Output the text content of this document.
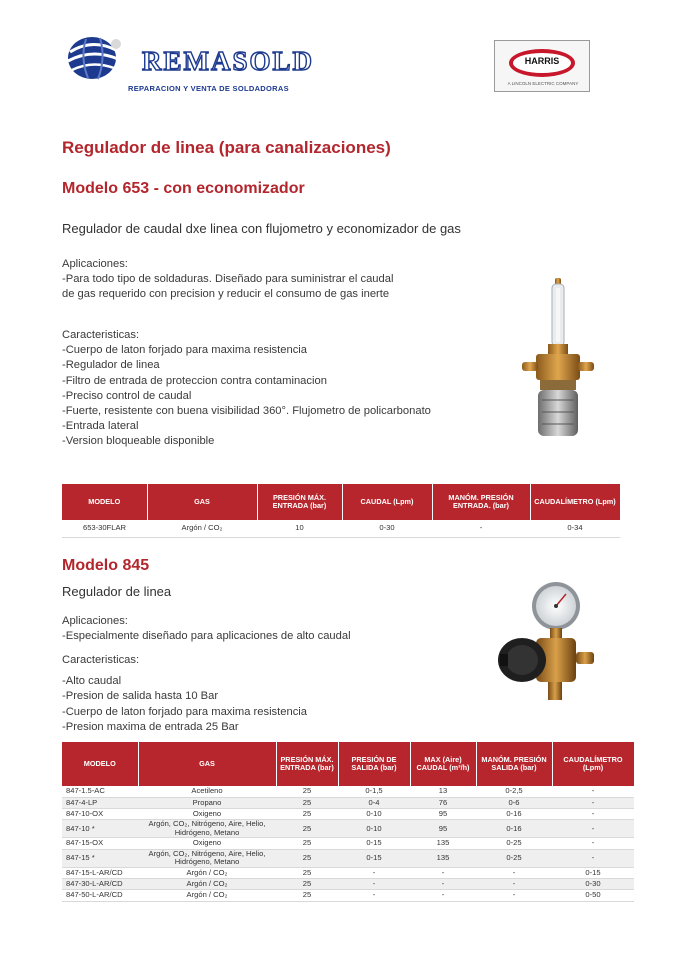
REMASOLD
REPARACION Y VENTA DE SOLDADORAS
HARRIS
A LINCOLN ELECTRIC COMPANY
Regulador de linea (para canalizaciones)
Modelo 653 - con economizador
Regulador de caudal dxe linea con flujometro y economizador de gas
Aplicaciones:
-Para todo tipo de soldaduras. Diseñado para suministrar el caudal
de gas requerido con precision y reducir el consumo de gas inerte
Caracteristicas:
-Cuerpo de laton forjado para maxima resistencia
-Regulador de linea
-Filtro de entrada de proteccion contra contaminacion
-Preciso control de caudal
-Fuerte, resistente con buena visibilidad 360°. Flujometro de policarbonato
-Entrada lateral
-Version bloqueable disponible
MODELO	GAS	PRESIÓN MÁX. ENTRADA (bar)	CAUDAL (Lpm)	MANÓM. PRESIÓN ENTRADA. (bar)	CAUDALÍMETRO (Lpm)
653-30FLAR	Argón / CO₂	10	0-30	-	0-34
Modelo 845
Regulador de linea
Aplicaciones:
-Especialmente diseñado para aplicaciones de alto caudal
Caracteristicas:
-Alto caudal
-Presion de salida hasta 10 Bar
-Cuerpo de laton forjado para maxima resistencia
-Presion maxima de entrada 25 Bar
MODELO	GAS	PRESIÓN MÁX. ENTRADA (bar)	PRESIÓN DE SALIDA (bar)	MAX (Aire) CAUDAL (m³/h)	MANÓM. PRESIÓN SALIDA (bar)	CAUDALÍMETRO (Lpm)
847-1.5-AC	Acetileno	25	0-1,5	13	0-2,5	-
847-4-LP	Propano	25	0-4	76	0-6	-
847-10-OX	Oxigeno	25	0-10	95	0-16	-
847-10 *	Argón, CO₂, Nitrógeno, Aire, Helio, Hidrógeno, Metano	25	0-10	95	0-16	-
847-15-OX	Oxigeno	25	0-15	135	0-25	-
847-15 *	Argón, CO₂, Nitrógeno, Aire, Helio, Hidrógeno, Metano	25	0-15	135	0-25	-
847-15-L-AR/CD	Argón / CO₂	25	-	-	-	0-15
847-30-L-AR/CD	Argón / CO₂	25	-	-	-	0-30
847-50-L-AR/CD	Argón / CO₂	25	-	-	-	0-50
